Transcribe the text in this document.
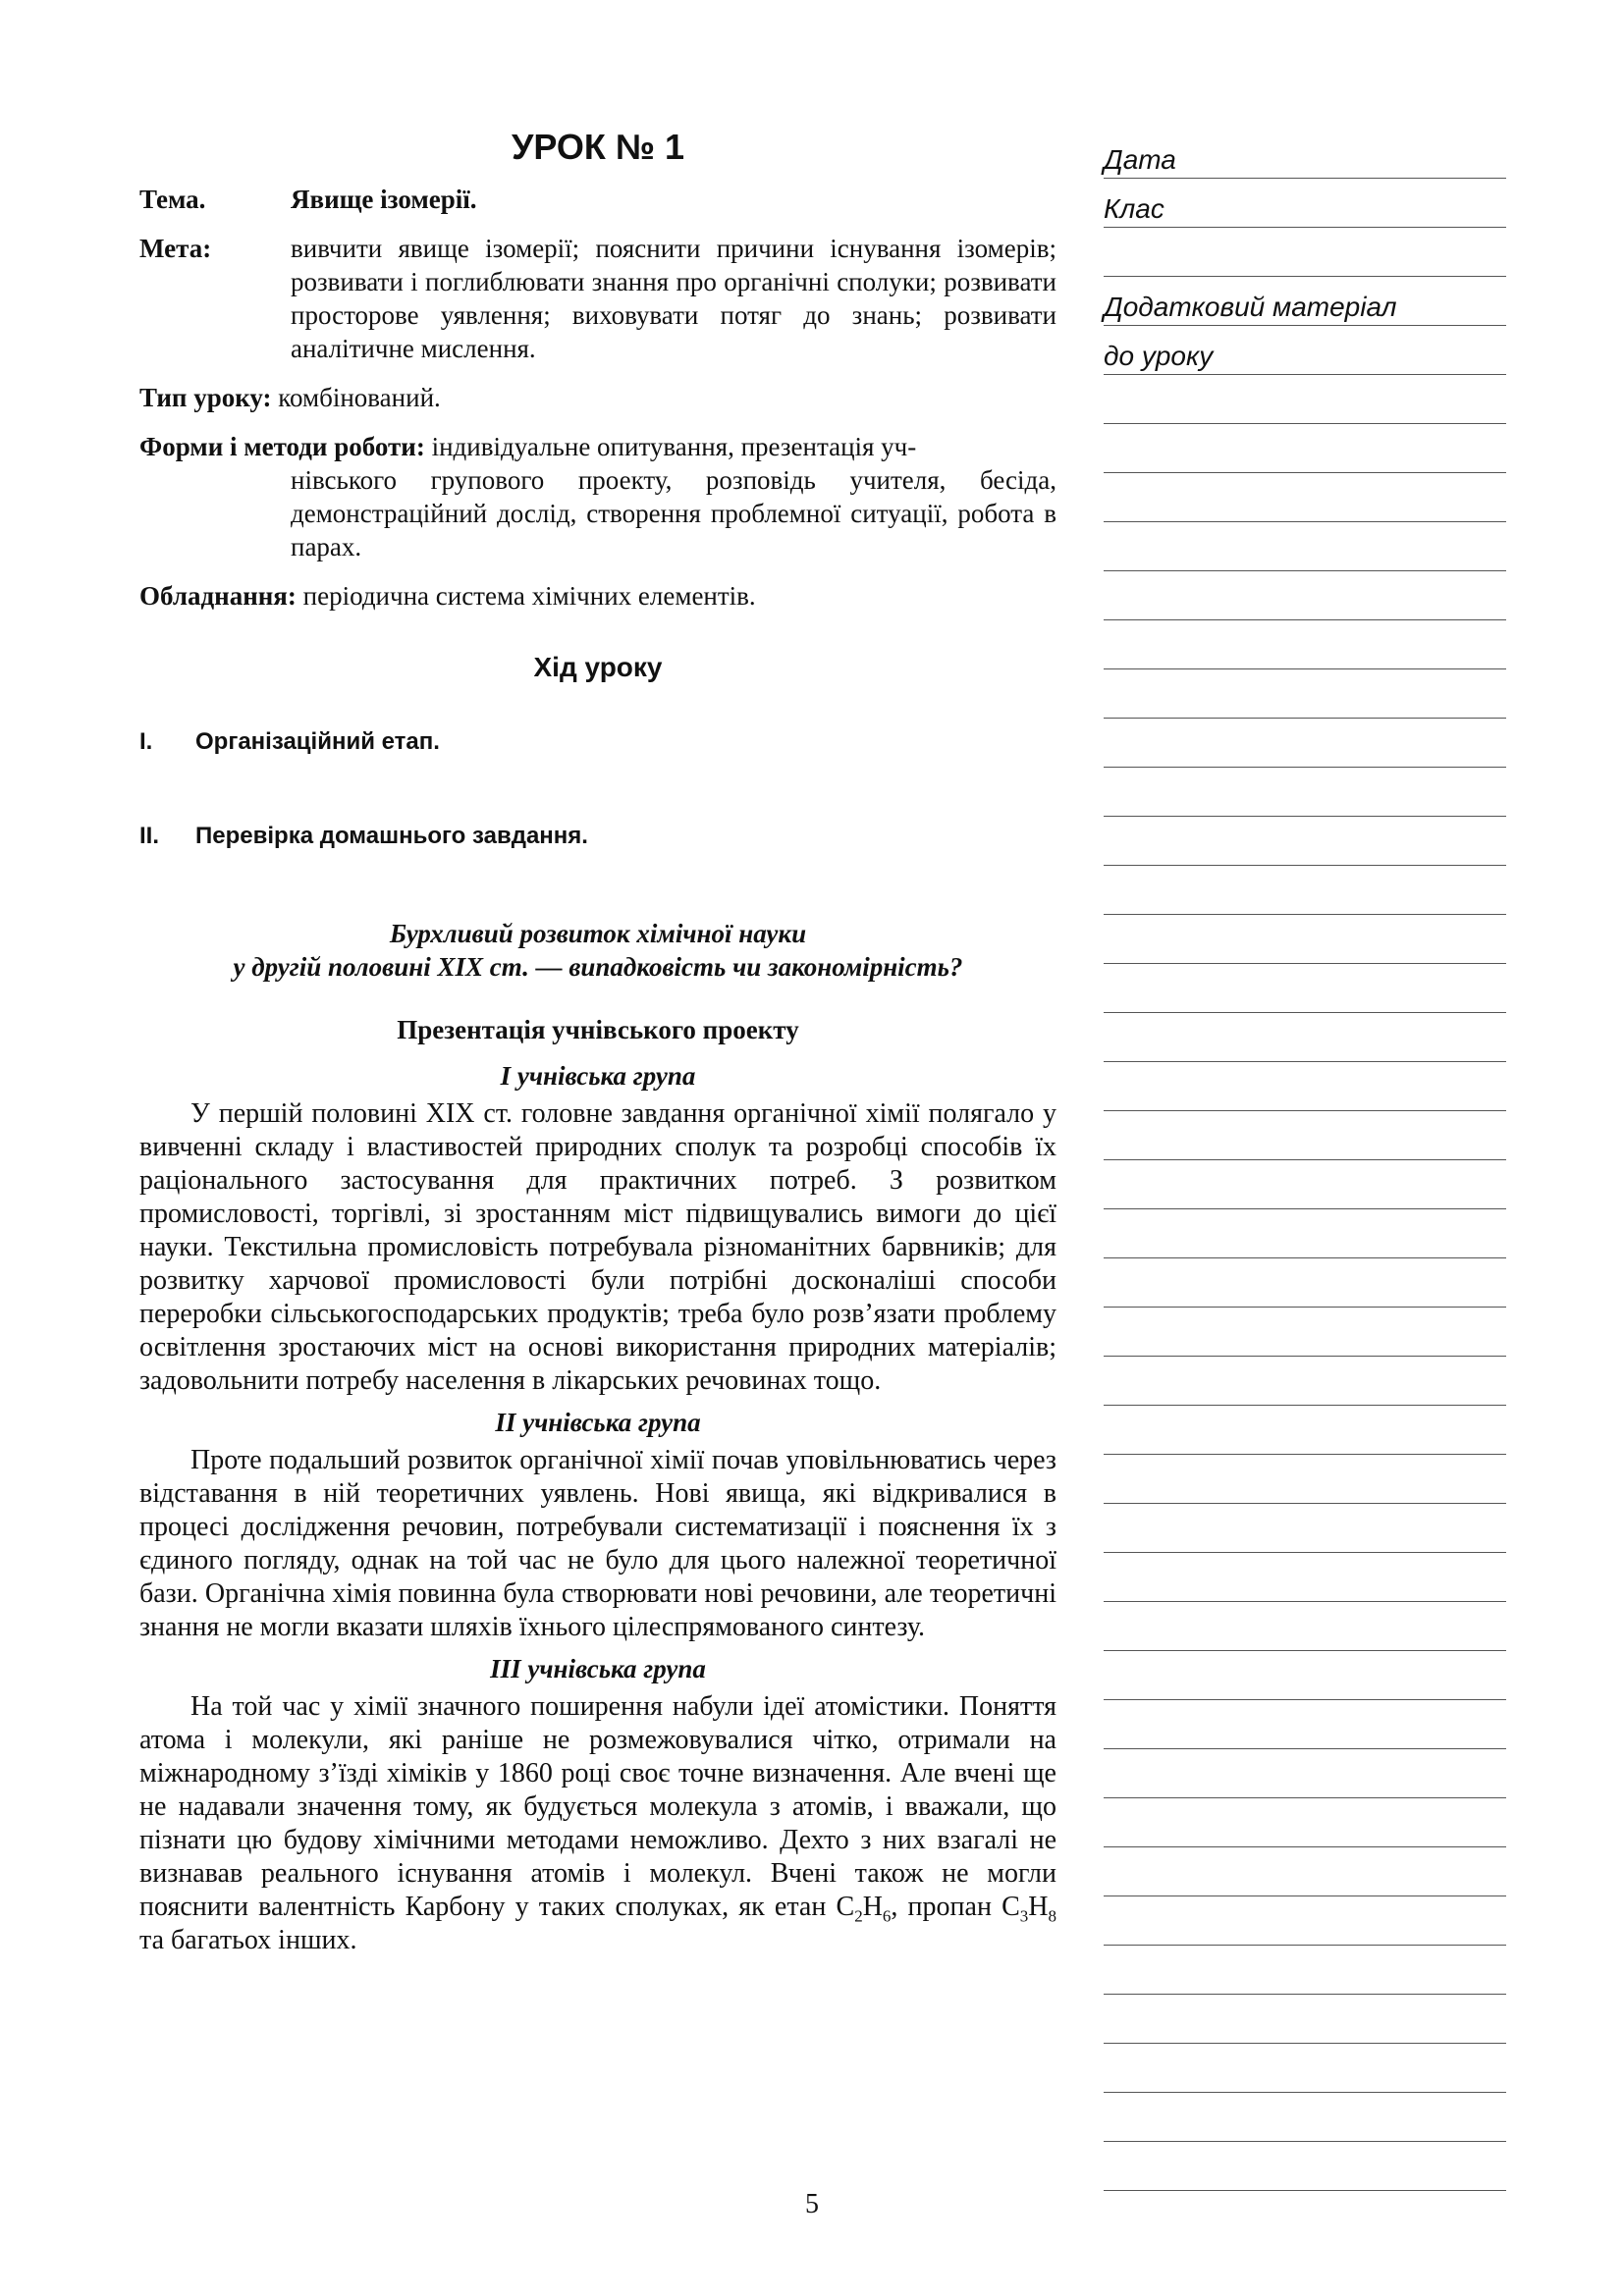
УРОК № 1
Тема.	Явище ізомерії.
Мета:	вивчити явище ізомерії; пояснити причини існування ізомерів; розвивати і поглиблювати знання про органічні сполуки; розвивати просторове уявлення; виховувати потяг до знань; розвивати аналітичне мислення.
Тип уроку: комбінований.
Форми і методи роботи: індивідуальне опитування, презентація уч-
нівського групового проекту, розповідь учителя, бесіда, демонстраційний дослід, створення проблемної ситуації, робота в парах.
Обладнання: періодична система хімічних елементів.
Хід уроку
I.	Організаційний етап.
II.	Перевірка домашнього завдання.
Бурхливий розвиток хімічної науки
у другій половині XIX ст. — випадковість чи закономірність?
Презентація учнівського проекту
I учнівська група

У першій половині XIX ст. головне завдання органічної хімії полягало у вивченні складу і властивостей природних сполук та розробці способів їх раціонального застосування для практичних потреб. З розвитком промисловості, торгівлі, зі зростанням міст підвищувались вимоги до цієї науки. Текстильна промисловість потребувала різноманітних барвників; для розвитку харчової промисловості були потрібні досконаліші способи переробки сільськогосподарських продуктів; треба було розв’язати проблему освітлення зростаючих міст на основі використання природних матеріалів; задовольнити потребу населення в лікарських речовинах тощо.

II учнівська група

Проте подальший розвиток органічної хімії почав уповільнюватись через відставання в ній теоретичних уявлень. Нові явища, які відкривалися в процесі дослідження речовин, потребували систематизації і пояснення їх з єдиного погляду, однак на той час не було для цього належної теоретичної бази. Органічна хімія повинна була створювати нові речовини, але теоретичні знання не могли вказати шляхів їхнього цілеспрямованого синтезу.

III учнівська група

На той час у хімії значного поширення набули ідеї атомістики. Поняття атома і молекули, які раніше не розмежовувалися чітко, отримали на міжнародному з’їзді хіміків у 1860 році своє точне визначення. Але вчені ще не надавали значення тому, як будується молекула з атомів, і вважали, що пізнати цю будову хімічними методами неможливо. Дехто з них взагалі не визнавав реального існування атомів і молекул. Вчені також не могли пояснити валентність Карбону у таких сполуках, як етан $C_2H_6$, пропан $C_3H_8$ та багатьох інших.

Дата
Клас
Додатковий матеріал
до уроку
5
